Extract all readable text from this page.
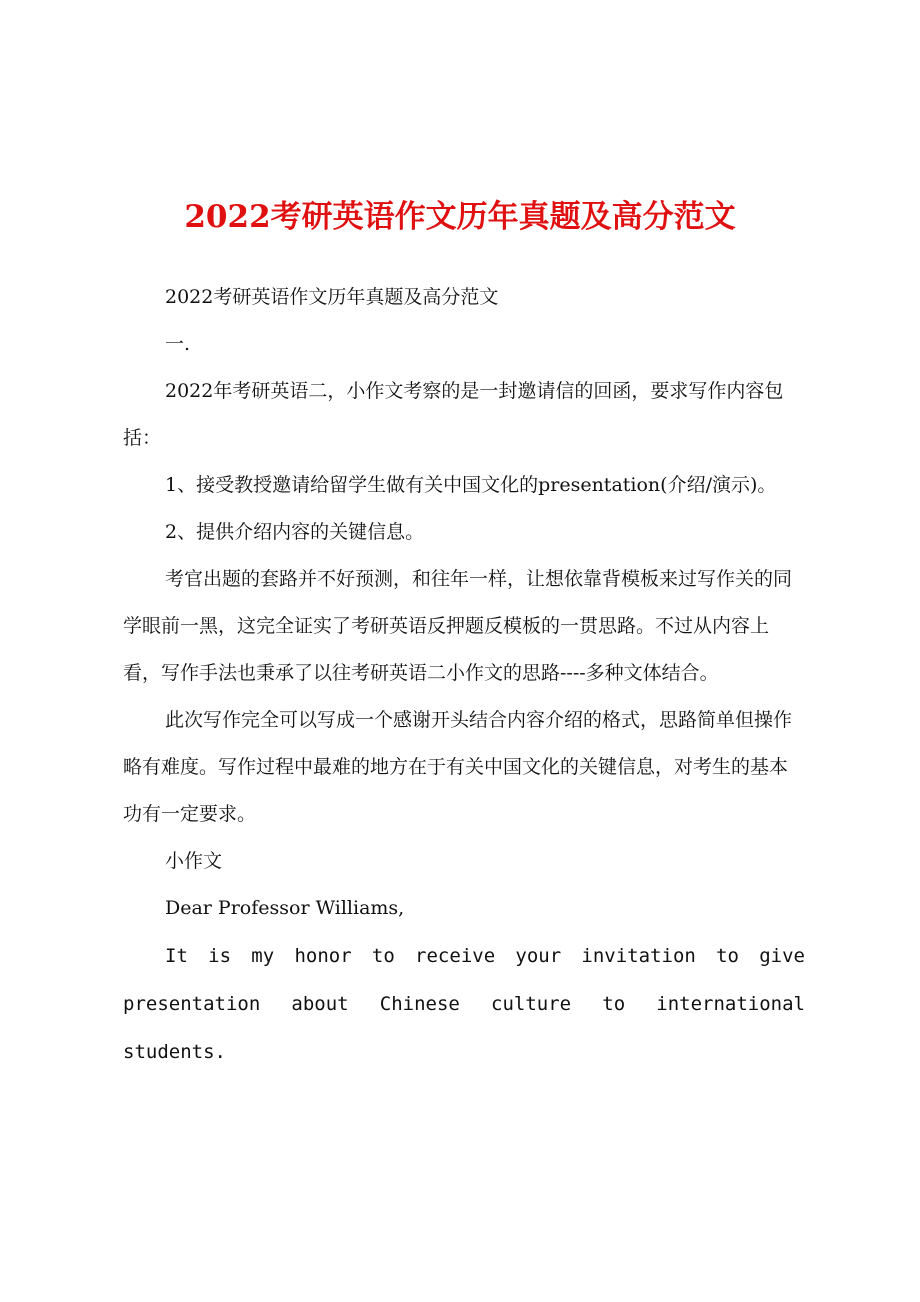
2022考研英语作文历年真题及高分范文

2022考研英语作文历年真题及高分范文

一.

2022年考研英语二，小作文考察的是一封邀请信的回函，要求写作内容包括：

1、接受教授邀请给留学生做有关中国文化的presentation(介绍/演示)。

2、提供介绍内容的关键信息。

考官出题的套路并不好预测，和往年一样，让想依靠背模板来过写作关的同学眼前一黑，这完全证实了考研英语反押题反模板的一贯思路。不过从内容上看，写作手法也秉承了以往考研英语二小作文的思路----多种文体结合。

此次写作完全可以写成一个感谢开头结合内容介绍的格式，思路简单但操作略有难度。写作过程中最难的地方在于有关中国文化的关键信息，对考生的基本功有一定要求。

小作文

Dear Professor Williams,

It is my honor to receive your invitation to give

presentation about Chinese culture to international students.
